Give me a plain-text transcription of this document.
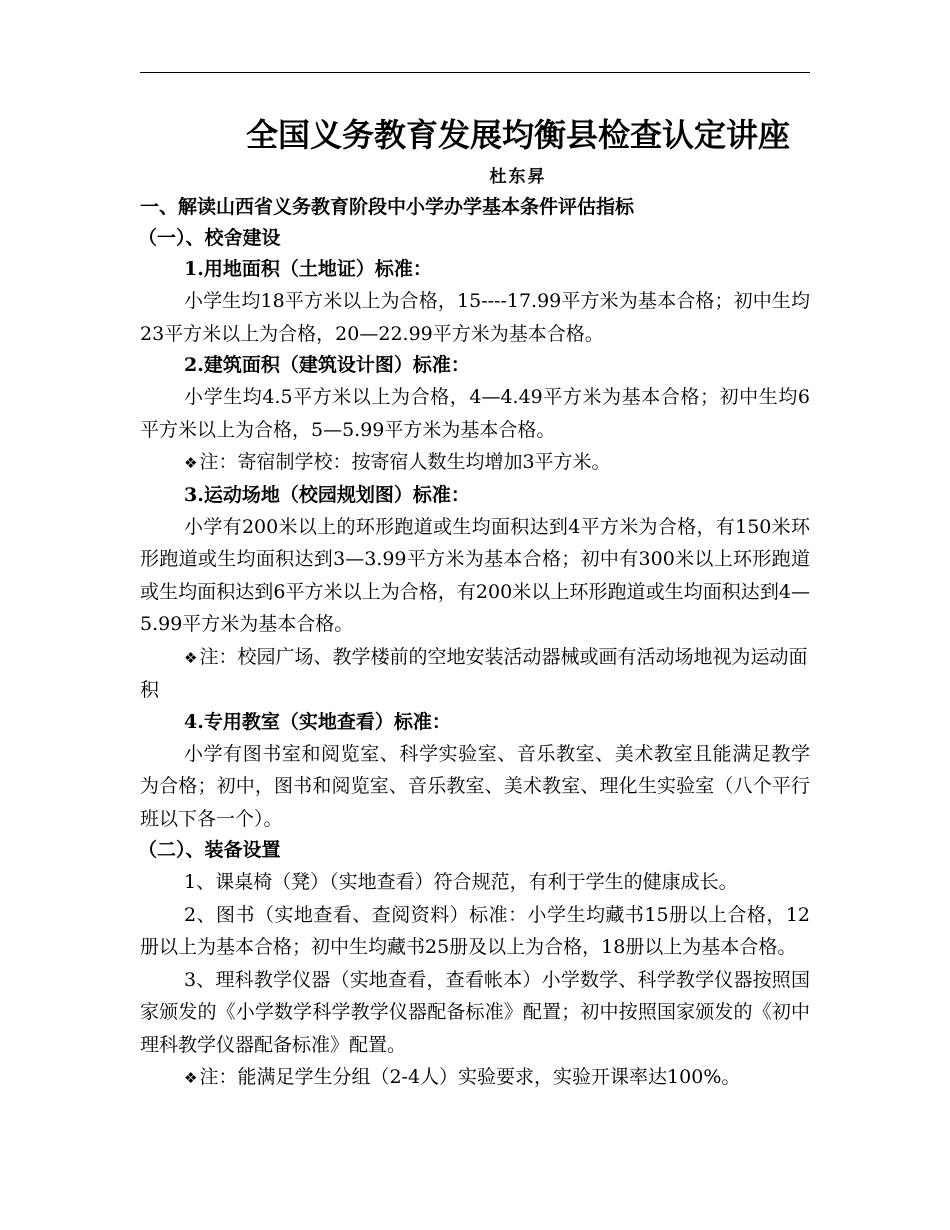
全国义务教育发展均衡县检查认定讲座
杜东昇
一、解读山西省义务教育阶段中小学办学基本条件评估指标
（一）、校舍建设
1.用地面积（土地证）标准：

小学生均18平方米以上为合格，15----17.99平方米为基本合格；初中生均23平方米以上为合格，20—22.99平方米为基本合格。

2.建筑面积（建筑设计图）标准：

小学生均4.5平方米以上为合格，4—4.49平方米为基本合格；初中生均6平方米以上为合格，5—5.99平方米为基本合格。

❖ 注：寄宿制学校：按寄宿人数生均增加3平方米。

3.运动场地（校园规划图）标准：

小学有200米以上的环形跑道或生均面积达到4平方米为合格，有150米环形跑道或生均面积达到3—3.99平方米为基本合格；初中有300米以上环形跑道或生均面积达到6平方米以上为合格，有200米以上环形跑道或生均面积达到4—5.99平方米为基本合格。

❖ 注：校园广场、教学楼前的空地安装活动器械或画有活动场地视为运动面积

4.专用教室（实地查看）标准：

小学有图书室和阅览室、科学实验室、音乐教室、美术教室且能满足教学为合格；初中，图书和阅览室、音乐教室、美术教室、理化生实验室（八个平行班以下各一个）。

（二）、装备设置

1、课桌椅（凳）（实地查看）符合规范，有利于学生的健康成长。

2、图书（实地查看、查阅资料）标准：小学生均藏书15册以上合格，12册以上为基本合格；初中生均藏书25册及以上为合格，18册以上为基本合格。

3、理科教学仪器（实地查看，查看帐本）小学数学、科学教学仪器按照国家颁发的《小学数学科学教学仪器配备标准》配置；初中按照国家颁发的《初中理科教学仪器配备标准》配置。

❖ 注：能满足学生分组（2-4人）实验要求，实验开课率达100%。
